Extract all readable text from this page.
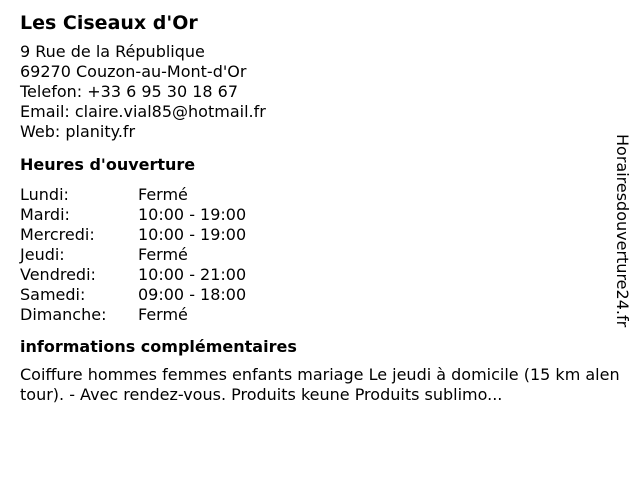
Les Ciseaux d'Or
9 Rue de la République
69270 Couzon-au-Mont-d'Or
Telefon: +33 6 95 30 18 67
Email: claire.vial85@hotmail.fr
Web: planity.fr
Heures d'ouverture
Lundi:	Fermé
Mardi:	10:00 - 19:00
Mercredi:	10:00 - 19:00
Jeudi:	Fermé
Vendredi:	10:00 - 21:00
Samedi:	09:00 - 18:00
Dimanche:	Fermé
informations complémentaires
Coiffure hommes femmes enfants mariage Le jeudi à domicile (15 km alentour). - Avec rendez-vous. Produits keune Produits sublimo...
Horairesdouverture24.fr
